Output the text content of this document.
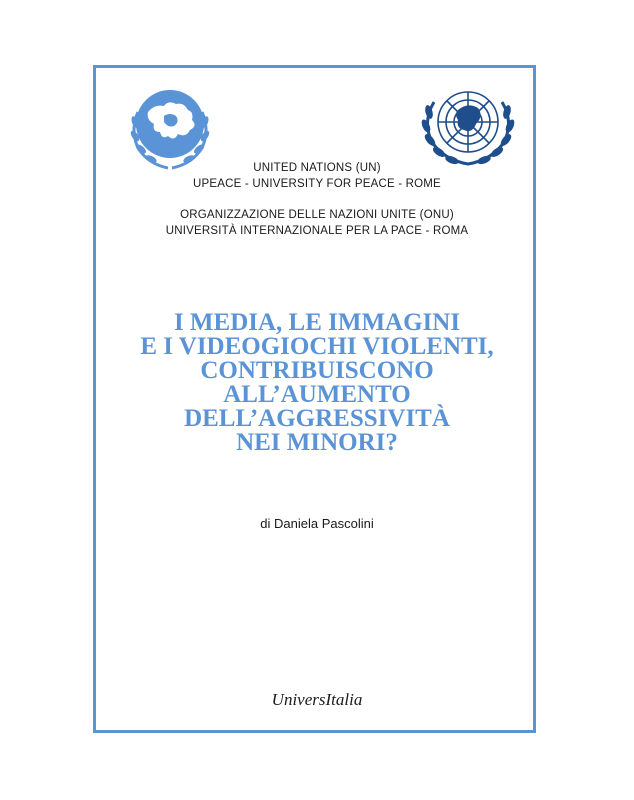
UNITED NATIONS (UN)
UPEACE - UNIVERSITY FOR PEACE - ROME
ORGANIZZAZIONE DELLE NAZIONI UNITE (ONU)
UNIVERSITÀ INTERNAZIONALE PER LA PACE - ROMA
I MEDIA, LE IMMAGINI
E I VIDEOGIOCHI VIOLENTI,
CONTRIBUISCONO
ALL’AUMENTO
DELL’AGGRESSIVITÀ
NEI MINORI?
di Daniela Pascolini
UniversItalia
